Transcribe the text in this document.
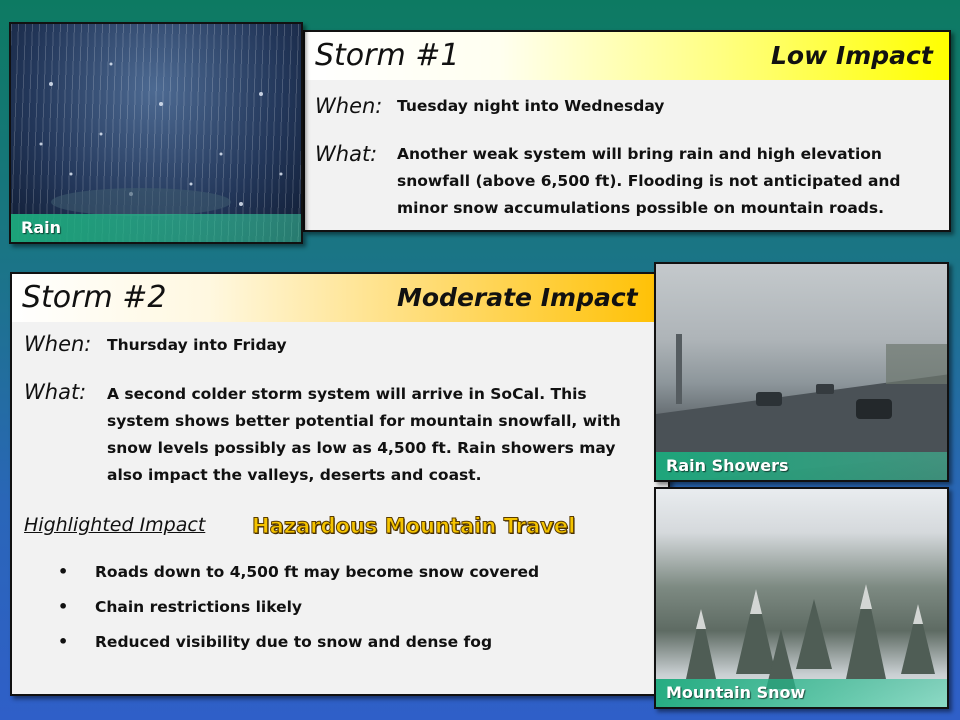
Storm #1	Low Impact
When: Tuesday night into Wednesday
What: Another weak system will bring rain and high elevation
snowfall (above 6,500 ft). Flooding is not anticipated and
minor snow accumulations possible on mountain roads.
Rain
Storm #2	Moderate Impact
When: Thursday into Friday
What: A second colder storm system will arrive in SoCal. This
system shows better potential for mountain snowfall, with
snow levels possibly as low as 4,500 ft. Rain showers may
also impact the valleys, deserts and coast.
Highlighted Impact Hazardous Mountain Travel
• Roads down to 4,500 ft may become snow covered
• Chain restrictions likely
• Reduced visibility due to snow and dense fog
Rain Showers
Mountain Snow
